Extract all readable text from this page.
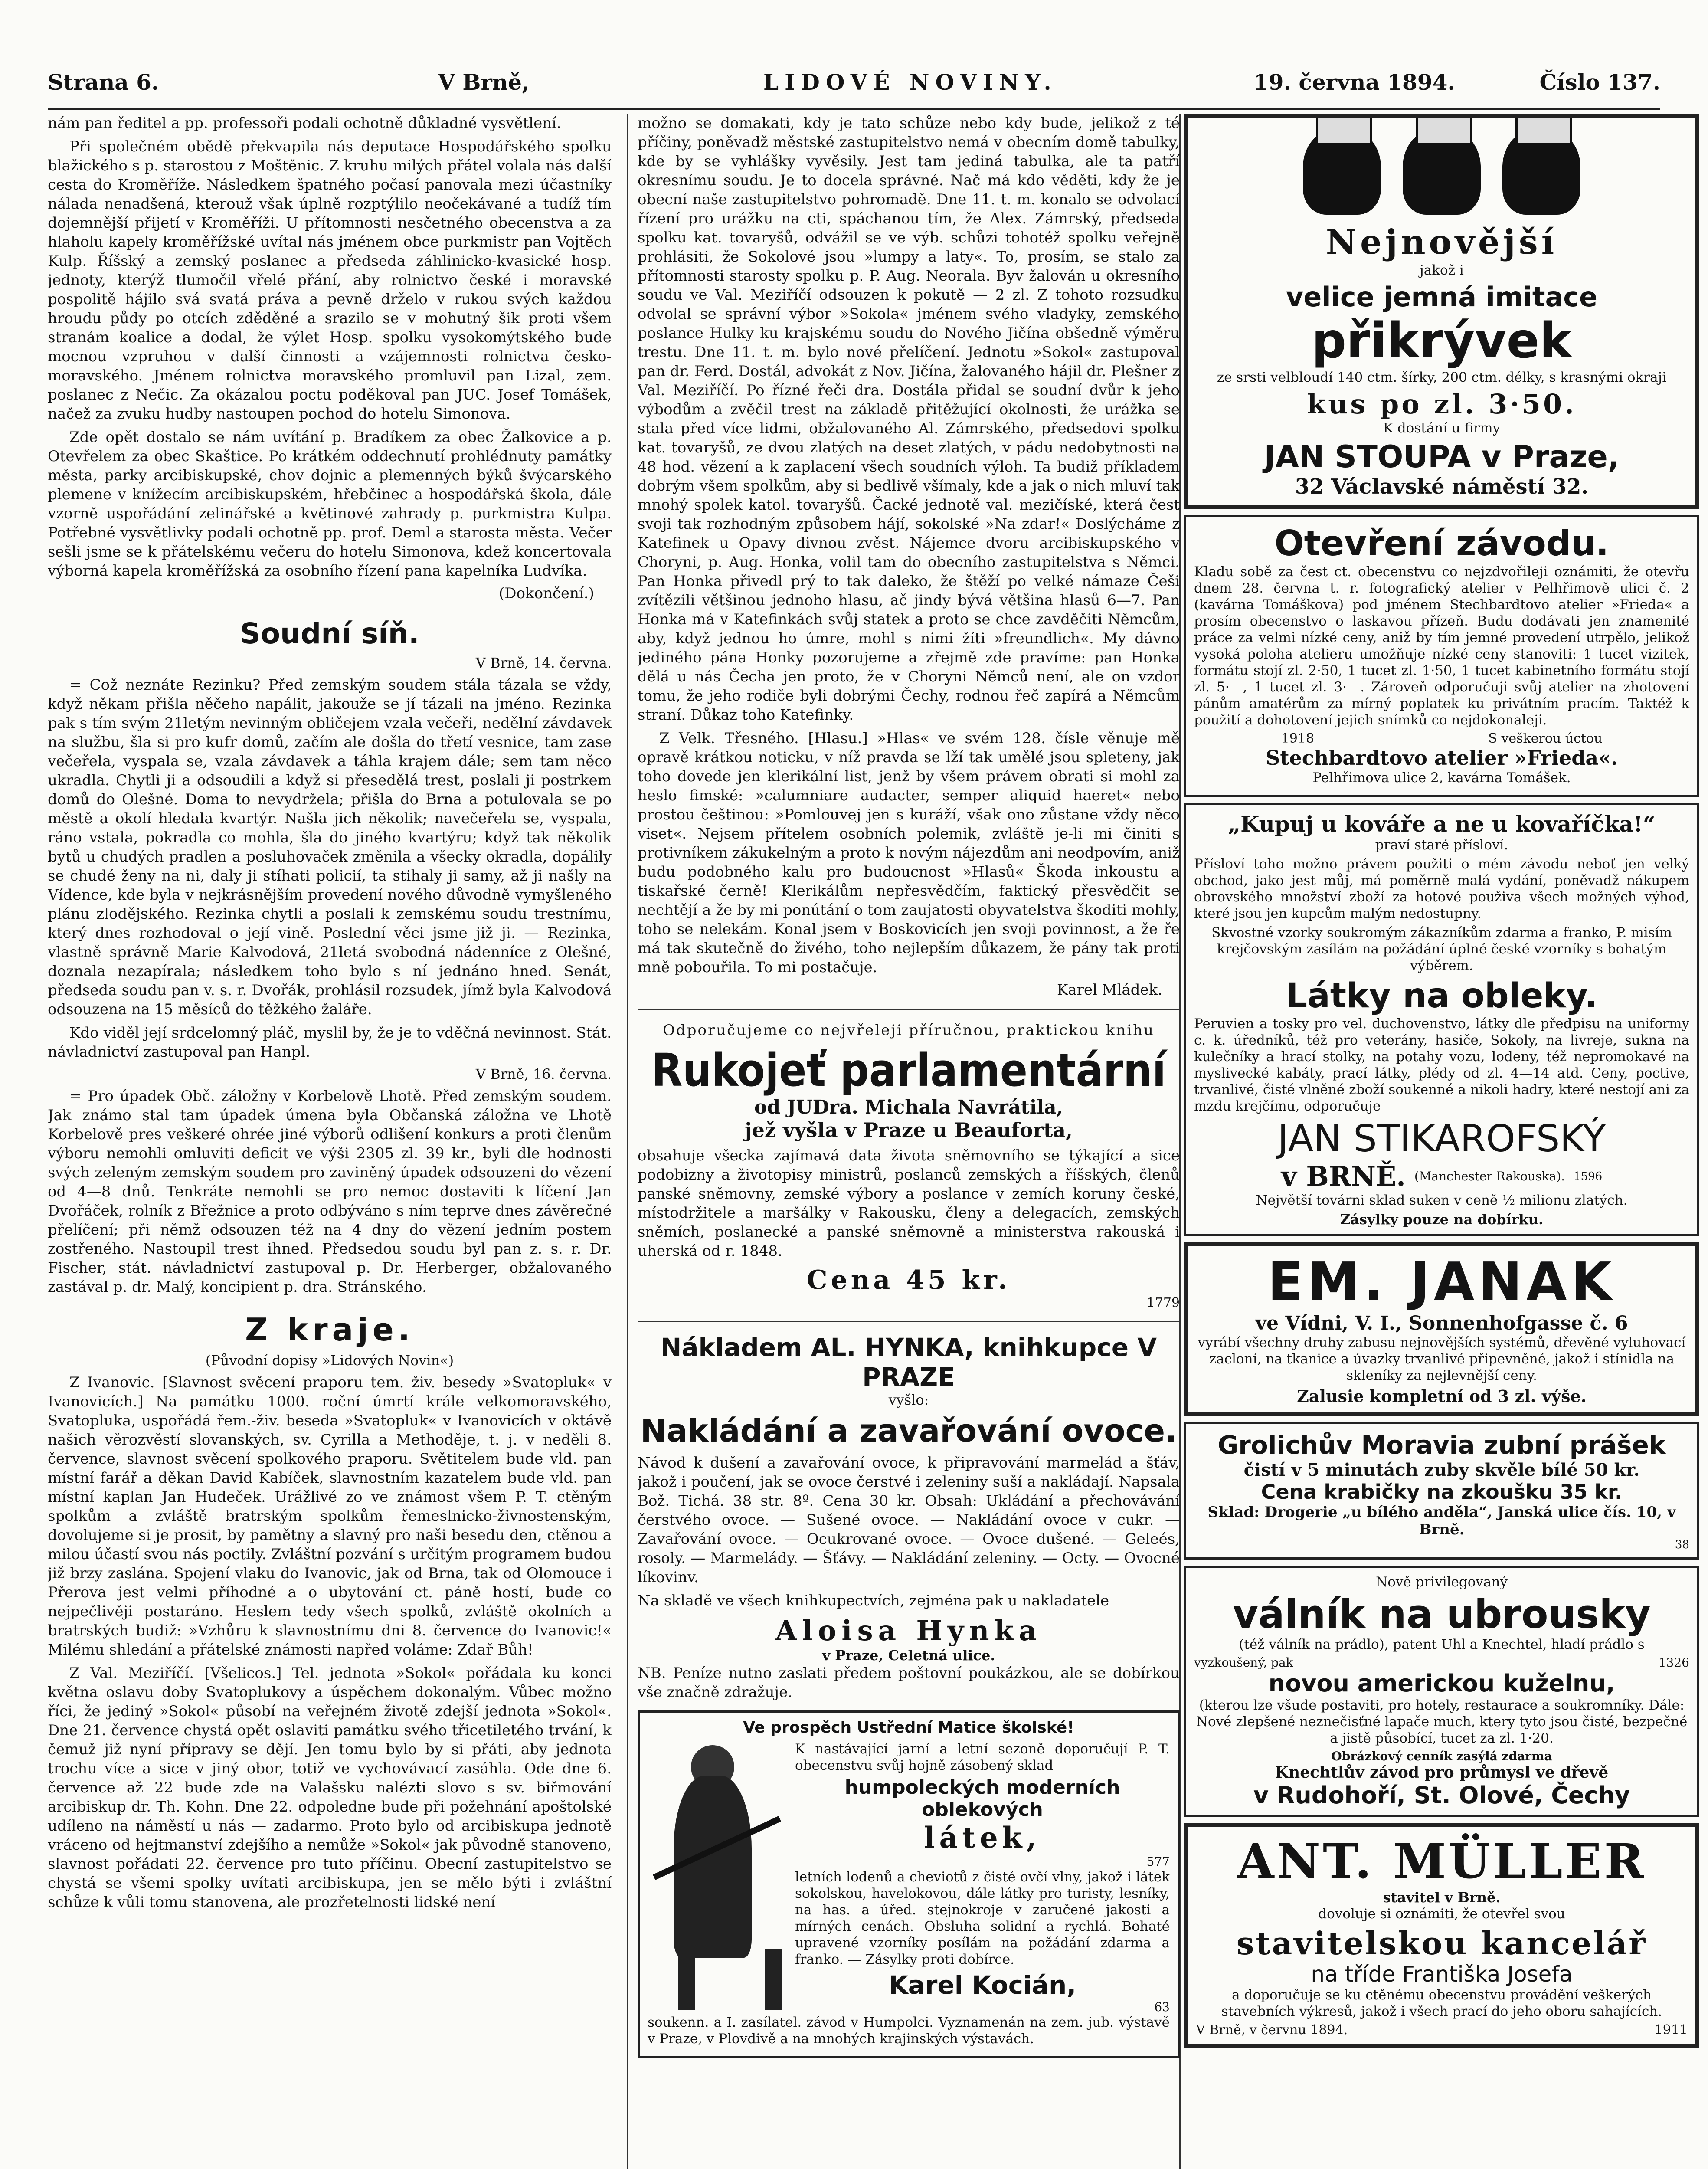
Strana 6.	V Brně,	LIDOVÉ NOVINY.	19. června 1894.	Číslo 137.

nám pan ředitel a pp. professoři podali ochotně důkladné vysvětlení.

Při společném obědě překvapila nás deputace Hospodářského spolku blažického s p. starostou z Moštěnic. Z kruhu milých přátel volala nás další cesta do Kroměříže. Následkem špatného počasí panovala mezi účastníky nálada nenadšená, kterouž však úplně rozptýlilo neočekávané a tudíž tím dojemnější přijetí v Kroměříži. U přítomnosti nesčetného obecenstva a za hlaholu kapely kroměřížské uvítal nás jménem obce purkmistr pan Vojtěch Kulp. Říšský a zemský poslanec a předseda záhlinicko-kvasické hosp. jednoty, kterýž tlumočil vřelé přání, aby rolnictvo české i moravské pospolitě hájilo svá svatá práva a pevně drželo v rukou svých každou hroudu půdy po otcích zděděné a srazilo se v mohutný šik proti všem stranám koalice a dodal, že výlet Hosp. spolku vysokomýtského bude mocnou vzpruhou v další činnosti a vzájemnosti rolnictva česko-moravského. Jménem rolnictva moravského promluvil pan Lizal, zem. poslanec z Nečic. Za okázalou poctu poděkoval pan JUC. Josef Tomášek, načež za zvuku hudby nastoupen pochod do hotelu Simonova.

Zde opět dostalo se nám uvítání p. Bradíkem za obec Žalkovice a p. Otevřelem za obec Skaštice. Po krátkém oddechnutí prohlédnuty památky města, parky arcibiskupské, chov dojnic a plemenných býků švýcarského plemene v knížecím arcibiskupském, hřebčinec a hospodářská škola, dále vzorně uspořádání zelinářské a květinové zahrady p. purkmistra Kulpa. Potřebné vysvětlivky podali ochotně pp. prof. Deml a starosta města. Večer sešli jsme se k přátelskému večeru do hotelu Simonova, kdež koncertovala výborná kapela kroměřížská za osobního řízení pana kapelníka Ludvíka.

(Dokončení.)
Soudní síň.
V Brně, 14. června.

= Což neznáte Rezinku? Před zemským soudem stála tázala se vždy, když někam přišla něčeho napálit, jakouže se jí tázali na jméno. Rezinka pak s tím svým 21letým nevinným obličejem vzala večeři, nedělní závdavek na službu, šla si pro kufr domů, začím ale došla do třetí vesnice, tam zase večeřela, vyspala se, vzala závdavek a táhla krajem dále; sem tam něco ukradla. Chytli ji a odsoudili a když si přesedělá trest, poslali ji postrkem domů do Olešné. Doma to nevydržela; přišla do Brna a potulovala se po městě a okolí hledala kvartýr. Našla jich několik; navečeřela se, vyspala, ráno vstala, pokradla co mohla, šla do jiného kvartýru; když tak několik bytů u chudých pradlen a posluhovaček změnila a všecky okradla, dopálily se chudé ženy na ni, daly ji stíhati policií, ta stihaly ji samy, až ji našly na Vídence, kde byla v nejkrásnějším provedení nového důvodně vymyšleného plánu zlodějského. Rezinka chytli a poslali k zemskému soudu trestnímu, který dnes rozhodoval o její vině. Poslední věci jsme již ji. — Rezinka, vlastně správně Marie Kalvodová, 21letá svobodná nádenníce z Olešné, doznala nezapírala; následkem toho bylo s ní jednáno hned. Senát, předseda soudu pan v. s. r. Dvořák, prohlásil rozsudek, jímž byla Kalvodová odsouzena na 15 měsíců do těžkého žaláře.

Kdo viděl její srdcelomný pláč, myslil by, že je to vděčná nevinnost. Stát. návladnictví zastupoval pan Hanpl.

V Brně, 16. června.

= Pro úpadek Obč. záložny v Korbelově Lhotě. Před zemským soudem. Jak známo stal tam úpadek úmena byla Občanská záložna ve Lhotě Korbelově pres veškeré ohrée jiné výborů odlišení konkurs a proti členům výboru nemohli omluviti deficit ve výši 2305 zl. 39 kr., byli dle hodnosti svých zeleným zemským soudem pro zaviněný úpadek odsouzeni do vězení od 4—8 dnů. Tenkráte nemohli se pro nemoc dostaviti k líčení Jan Dvořáček, rolník z Břežnice a proto odbýváno s ním teprve dnes závěrečné přelíčení; při němž odsouzen též na 4 dny do vězení jedním postem zostřeného. Nastoupil trest ihned. Předsedou soudu byl pan z. s. r. Dr. Fischer, stát. návladnictví zastupoval p. Dr. Herberger, obžalovaného zastával p. dr. Malý, koncipient p. dra. Stránského.

Z kraje.
(Původní dopisy »Lidových Novin«)

Z Ivanovic. [Slavnost svěcení praporu tem. živ. besedy »Svatopluk« v Ivanovicích.] Na památku 1000. roční úmrtí krále velkomoravského, Svatopluka, uspořádá řem.-živ. beseda »Svatopluk« v Ivanovicích v oktávě našich věrozvěstí slovanských, sv. Cyrilla a Methoděje, t. j. v neděli 8. července, slavnost svěcení spolkového praporu. Světitelem bude vld. pan místní farář a děkan David Kabíček, slavnostním kazatelem bude vld. pan místní kaplan Jan Hudeček. Urážlivé zo ve známost všem P. T. ctěným spolkům a zvláště bratrským spolkům řemeslnicko-živnostenským, dovolujeme si je prosit, by pamětny a slavný pro naši besedu den, ctěnou a milou účastí svou nás poctily. Zvláštní pozvání s určitým programem budou již brzy zaslána. Spojení vlaku do Ivanovic, jak od Brna, tak od Olomouce i Přerova jest velmi příhodné a o ubytování ct. páně hostí, bude co nejpečlivěji postaráno. Heslem tedy všech spolků, zvláště okolních a bratrských budiž: »Vzhůru k slavnostnímu dni 8. července do Ivanovic!« Milému shledání a přátelské známosti napřed voláme: Zdař Bůh!

Z Val. Meziříčí. [Všelicos.] Tel. jednota »Sokol« pořádala ku konci května oslavu doby Svatoplukovy a úspěchem dokonalým. Vůbec možno říci, že jediný »Sokol« působí na veřejném životě zdejší jednota »Sokol«. Dne 21. července chystá opět oslaviti památku svého třicetiletého trvání, k čemuž již nyní přípravy se dějí. Jen tomu bylo by si přáti, aby jednota trochu více a sice v jiný obor, totiž ve vychovávací zasáhla. Ode dne 6. července až 22 bude zde na Valašsku nalézti slovo s sv. biřmování arcibiskup dr. Th. Kohn. Dne 22. odpoledne bude při požehnání apoštolské udíleno na náměstí u nás — zadarmo. Proto bylo od arcibiskupa jednotě vráceno od hejtmanství zdejšího a nemůže »Sokol« jak původně stanoveno, slavnost pořádati 22. července pro tuto příčinu. Obecní zastupitelstvo se chystá se všemi spolky uvítati arcibiskupa, jen se mělo býti i zvláštní schůze k vůli tomu stanovena, ale prozřetelnosti lidské není

možno se domakati, kdy je tato schůze nebo kdy bude, jelikož z té příčiny, poněvadž městské zastupitelstvo nemá v obecním domě tabulky, kde by se vyhlášky vyvěsily. Jest tam jediná tabulka, ale ta patří okresnímu soudu. Je to docela správné. Nač má kdo věděti, kdy že je obecní naše zastupitelstvo pohromadě. Dne 11. t. m. konalo se odvolací řízení pro urážku na cti, spáchanou tím, že Alex. Zámrský, předseda spolku kat. tovaryšů, odvážil se ve výb. schůzi tohotéž spolku veřejně prohlásiti, že Sokolové jsou »lumpy a laty«. To, prosím, se stalo za přítomnosti starosty spolku p. P. Aug. Neorala. Byv žalován u okresního soudu ve Val. Meziříčí odsouzen k pokutě — 2 zl. Z tohoto rozsudku odvolal se správní výbor »Sokola« jménem svého vladyky, zemského poslance Hulky ku krajskému soudu do Nového Jičína obšedně výměru trestu. Dne 11. t. m. bylo nové přelíčení. Jednotu »Sokol« zastupoval pan dr. Ferd. Dostál, advokát z Nov. Jičína, žalovaného hájil dr. Plešner z Val. Meziříčí. Po řízné řeči dra. Dostála přidal se soudní dvůr k jeho výbodům a zvěčil trest na základě přitěžující okolnosti, že urážka se stala před více lidmi, obžalovaného Al. Zámrského, předsedovi spolku kat. tovaryšů, ze dvou zlatých na deset zlatých, v pádu nedobytnosti na 48 hod. vězení a k zaplacení všech soudních výloh. Ta budiž příkladem dobrým všem spolkům, aby si bedlivě všímaly, kde a jak o nich mluví tak mnohý spolek katol. tovaryšů. Čacké jednotě val. mezičíské, která čest svoji tak rozhodným způsobem hájí, sokolské »Na zdar!« Doslýcháme z Katefinek u Opavy divnou zvěst. Nájemce dvoru arcibiskupského v Choryni, p. Aug. Honka, volil tam do obecního zastupitelstva s Němci. Pan Honka přivedl prý to tak daleko, že štěží po velké námaze Češi zvítězili většinou jednoho hlasu, ač jindy bývá většina hlasů 6—7. Pan Honka má v Katefinkách svůj statek a proto se chce zavděčiti Němcům, aby, když jednou ho úmre, mohl s nimi žíti »freundlich«. My dávno jediného pána Honky pozorujeme a zřejmě zde pravíme: pan Honka dělá u nás Čecha jen proto, že v Choryni Němců není, ale on vzdor tomu, že jeho rodiče byli dobrými Čechy, rodnou řeč zapírá a Němcům straní. Důkaz toho Katefinky.

Z Velk. Třesného. [Hlasu.] »Hlas« ve svém 128. čísle věnuje mě opravě krátkou noticku, v níž pravda se lží tak umělé jsou spleteny, jak toho dovede jen klerikální list, jenž by všem právem obrati si mohl za heslo fimské: »calumniare audacter, semper aliquid haeret« nebo prostou češtinou: »Pomlouvej jen s kuráží, však ono zůstane vždy něco viset«. Nejsem přítelem osobních polemik, zvláště je-li mi činiti s protivníkem zákukelným a proto k novým nájezdům ani neodpovím, aniž budu podobného kalu pro budoucnost »Hlasů« Škoda inkoustu a tiskařské černě! Klerikálům nepřesvědčím, faktický přesvědčit se nechtějí a že by mi ponútání o tom zaujatosti obyvatelstva škoditi mohly, toho se nelekám. Konal jsem v Boskovicích jen svoji povinnost, a že ře má tak skutečně do živého, toho nejlepším důkazem, že pány tak proti mně pobouřila. To mi postačuje.

Karel Mládek.

Odporučujeme co nejvřeleji příručnou, praktickou knihu

Rukojeť parlamentární
od JUDra. Michala Navrátila,
jež vyšla v Praze u Beauforta,

obsahuje všecka zajímavá data života sněmovního se týkající a sice podobizny a životopisy ministrů, poslanců zemských a říšských, členů panské sněmovny, zemské výbory a poslance v zemích koruny české, místodržitele a maršálky v Rakousku, členy a delegacích, zemských sněmích, poslanecké a panské sněmovně a ministerstva rakouská i uherská od r. 1848.

Cena 45 kr.
1779
Nákladem AL. HYNKA, knihkupce V PRAZE
vyšlo:
Nakládání a zavařování ovoce.

Návod k dušení a zavařování ovoce, k připravování marmelád a šťáv, jakož i poučení, jak se ovoce čerstvé i zeleniny suší a nakládají. Napsala Bož. Tichá. 38 str. 8º. Cena 30 kr. Obsah: Ukládání a přechovávání čerstvého ovoce. — Sušené ovoce. — Nakládání ovoce v cukr. — Zavařování ovoce. — Ocukrované ovoce. — Ovoce dušené. — Geleés, rosoly. — Marmelády. — Šťávy. — Nakládání zeleniny. — Octy. — Ovocné líkovinv.

Na skladě ve všech knihkupectvích, zejména pak u nakladatele

Aloisa Hynka
v Praze, Celetná ulice.

NB. Peníze nutno zaslati předem poštovní poukázkou, ale se dobírkou vše značně zdražuje.

Ve prospěch Ustřední Matice školské!

K nastávající jarní a letní sezoně doporučují P. T. obecenstvu svůj hojně zásobený sklad

humpoleckých moderních oblekových
látek,
577

letních lodenů a cheviotů z čisté ovčí vlny, jakož i látek sokolskou, havelokovou, dále látky pro turisty, lesníky, na has. a úřed. stejnokroje v zaručené jakosti a mírných cenách. Obsluha solidní a rychlá. Bohaté upravené vzorníky posílám na požádání zdarma a franko. — Zásylky proti dobírce.

Karel Kocián,
63

soukenn. a I. zasílatel. závod v Humpolci. Vyznamenán na zem. jub. výstavě v Praze, v Plovdivě a na mnohých krajinských výstavách.

Nejnovější

jakož i

velice jemná imitace
přikrývek

ze srsti velbloudí 140 ctm. šírky, 200 ctm. délky, s krasnými okraji

kus po zl. 3·50.

K dostání u firmy

JAN STOUPA v Praze,
32 Václavské náměstí 32.
Otevření závodu.

Kladu sobě za čest ct. obecenstvu co nejzdvořileji oznámiti, že otevřu dnem 28. června t. r. fotografický atelier v Pelhřimově ulici č. 2 (kavárna Tomáškova) pod jménem Stechbardtovo atelier »Frieda« a prosím obecenstvo o laskavou přízeň. Budu dodávati jen znamenité práce za velmi nízké ceny, aniž by tím jemné provedení utrpělo, jelikož vysoká poloha atelieru umožňuje nízké ceny stanoviti: 1 tucet vizitek, formátu stojí zl. 2·50, 1 tucet zl. 1·50, 1 tucet kabinetního formátu stojí zl. 5·—, 1 tucet zl. 3·—. Zároveň odporučuji svůj atelier na zhotovení pánům amatérům za mírný poplatek ku privátním pracím. Taktéž k použití a dohotovení jejich snímků co nejdokonaleji.

1918	S veškerou úctou
Stechbardtovo atelier »Frieda«.

Pelhřimova ulice 2, kavárna Tomášek.

„Kupuj u kováře a ne u kovaříčka!“

praví staré přísloví.

Přísloví toho možno právem použiti o mém závodu neboť jen velký obchod, jako jest můj, má poměrně malá vydání, poněvadž nákupem obrovského množství zboží za hotové použiva všech možných výhod, které jsou jen kupcům malým nedostupny.

Skvostné vzorky soukromým zákazníkům zdarma a franko, P. misím krejčovským zasílám na požádání úplné české vzorníky s bohatým výběrem.

Látky na obleky.

Peruvien a tosky pro vel. duchovenstvo, látky dle předpisu na uniformy c. k. úředníků, též pro veterány, hasiče, Sokoly, na livreje, sukna na kulečníky a hrací stolky, na potahy vozu, lodeny, též nepromokavé na myslivecké kabáty, prací látky, plédy od zl. 4—14 atd. Ceny, poctive, trvanlivé, čisté vlněné zboží soukenné a nikoli hadry, které nestojí ani za mzdu krejčímu, odporučuje

JAN STIKAROFSKÝ
v BRNĚ. (Manchester Rakouska). 1596

Největší továrni sklad suken v ceně ½ milionu zlatých.

Zásylky pouze na dobírku.
EM. JANAK
ve Vídni, V. I., Sonnenhofgasse č. 6

vyrábí všechny druhy zabusu nejnovějších systémů, dřevěné vyluhovací zacloní, na tkanice a úvazky trvanlivé připevněné, jakož i stínidla na skleníky za nejlevnější ceny.

Zalusie kompletní od 3 zl. výše.
Grolichův Moravia zubní prášek
čistí v 5 minutách zuby skvěle bílé 50 kr.
Cena krabičky na zkoušku 35 kr.
Sklad: Drogerie „u bílého anděla“, Janská ulice čís. 10, v Brně.
38

Nově privilegovaný

válník na ubrousky

(též válník na prádlo), patent Uhl a Knechtel, hladí prádlo s

vyzkoušený, pak	1326
novou americkou kuželnu,

(kterou lze všude postaviti, pro hotely, restaurace a soukromníky. Dále: Nové zlepšené neznečisťné lapače much, ktery tyto jsou čisté, bezpečné a jistě působící, tucet za zl. 1·20.

Obrázkový cenník zasýlá zdarma
Knechtlův závod pro průmysl ve dřevě
v Rudohoří, St. Olové, Čechy
ANT. MÜLLER
stavitel v Brně.

dovoluje si oznámiti, že otevřel svou

stavitelskou kancelář
na tříde Františka Josefa

a doporučuje se ku ctěnému obecenstvu provádění veškerých stavebních výkresů, jakož i všech prací do jeho oboru sahajících.

V Brně, v červnu 1894.	1911
